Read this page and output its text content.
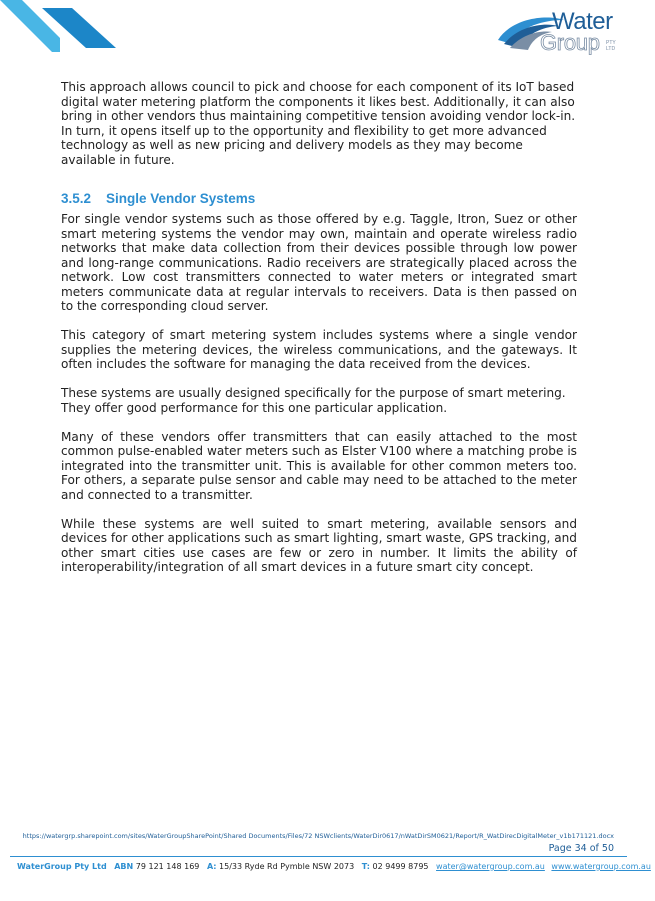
Water
Group PTY LTD

This approach allows council to pick and choose for each component of its IoT based digital water metering platform the components it likes best. Additionally, it can also bring in other vendors thus maintaining competitive tension avoiding vendor lock-in. In turn, it opens itself up to the opportunity and flexibility to get more advanced technology as well as new pricing and delivery models as they may become available in future.

3.5.2 Single Vendor Systems

For single vendor systems such as those offered by e.g. Taggle, Itron, Suez or other smart metering systems the vendor may own, maintain and operate wireless radio networks that make data collection from their devices possible through low power and long-range communications. Radio receivers are strategically placed across the network. Low cost transmitters connected to water meters or integrated smart meters communicate data at regular intervals to receivers. Data is then passed on to the corresponding cloud server.

This category of smart metering system includes systems where a single vendor supplies the metering devices, the wireless communications, and the gateways. It often includes the software for managing the data received from the devices.

These systems are usually designed specifically for the purpose of smart metering. They offer good performance for this one particular application.

Many of these vendors offer transmitters that can easily attached to the most common pulse-enabled water meters such as Elster V100 where a matching probe is integrated into the transmitter unit. This is available for other common meters too. For others, a separate pulse sensor and cable may need to be attached to the meter and connected to a transmitter.

While these systems are well suited to smart metering, available sensors and devices for other applications such as smart lighting, smart waste, GPS tracking, and other smart cities use cases are few or zero in number. It limits the ability of interoperability/integration of all smart devices in a future smart city concept.

https://watergrp.sharepoint.com/sites/WaterGroupSharePoint/Shared Documents/Files/72 NSWclients/WaterDir0617/nWatDirSM0621/Report/R_WatDirecDigitalMeter_v1b171121.docx
Page 34 of 50
WaterGroup Pty Ltd ABN 79 121 148 169 A: 15/33 Ryde Rd Pymble NSW 2073 T: 02 9499 8795 water@watergroup.com.au www.watergroup.com.au
